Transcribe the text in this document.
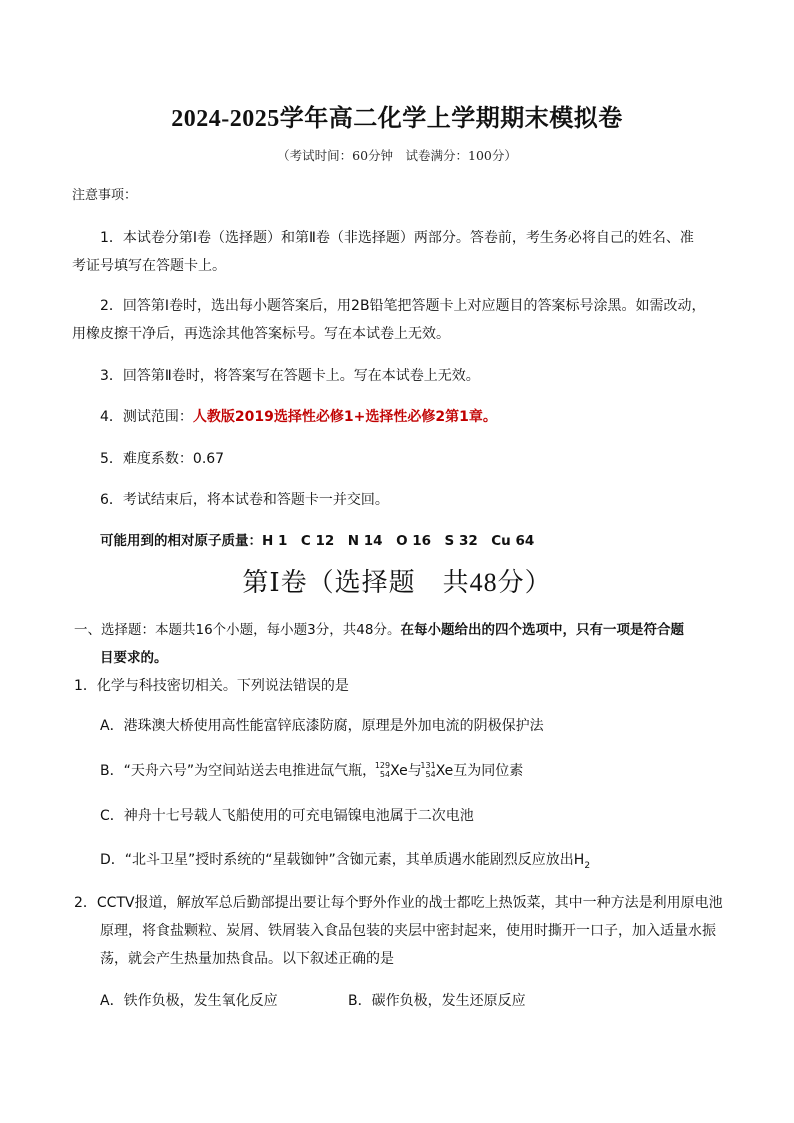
2024-2025学年高二化学上学期期末模拟卷
（考试时间：60分钟　试卷满分：100分）
注意事项：
1．本试卷分第Ⅰ卷（选择题）和第Ⅱ卷（非选择题）两部分。答卷前，考生务必将自己的姓名、准
考证号填写在答题卡上。
2．回答第Ⅰ卷时，选出每小题答案后，用2B铅笔把答题卡上对应题目的答案标号涂黑。如需改动，
用橡皮擦干净后，再选涂其他答案标号。写在本试卷上无效。
3．回答第Ⅱ卷时，将答案写在答题卡上。写在本试卷上无效。
4．测试范围：人教版2019选择性必修1+选择性必修2第1章。
5．难度系数：0.67
6．考试结束后，将本试卷和答题卡一并交回。
可能用到的相对原子质量：H 1　C 12　N 14　O 16　S 32　Cu 64
第Ⅰ卷（选择题　共48分）
一、选择题：本题共16个小题，每小题3分，共48分。在每小题给出的四个选项中，只有一项是符合题
目要求的。
1．化学与科技密切相关。下列说法错误的是
A．港珠澳大桥使用高性能富锌底漆防腐，原理是外加电流的阴极保护法
B．“天舟六号”为空间站送去电推进氙气瓶，
129
54 Xe与
131
54 Xe互为同位素
C．神舟十七号载人飞船使用的可充电镉镍电池属于二次电池
D．“北斗卫星”授时系统的“星载铷钟”含铷元素，其单质遇水能剧烈反应放出$H_2$
2．CCTV报道，解放军总后勤部提出要让每个野外作业的战士都吃上热饭菜，其中一种方法是利用原电池
原理，将食盐颗粒、炭屑、铁屑装入食品包装的夹层中密封起来，使用时撕开一口子，加入适量水振
荡，就会产生热量加热食品。以下叙述正确的是
A．铁作负极，发生氧化反应	B．碳作负极，发生还原反应
